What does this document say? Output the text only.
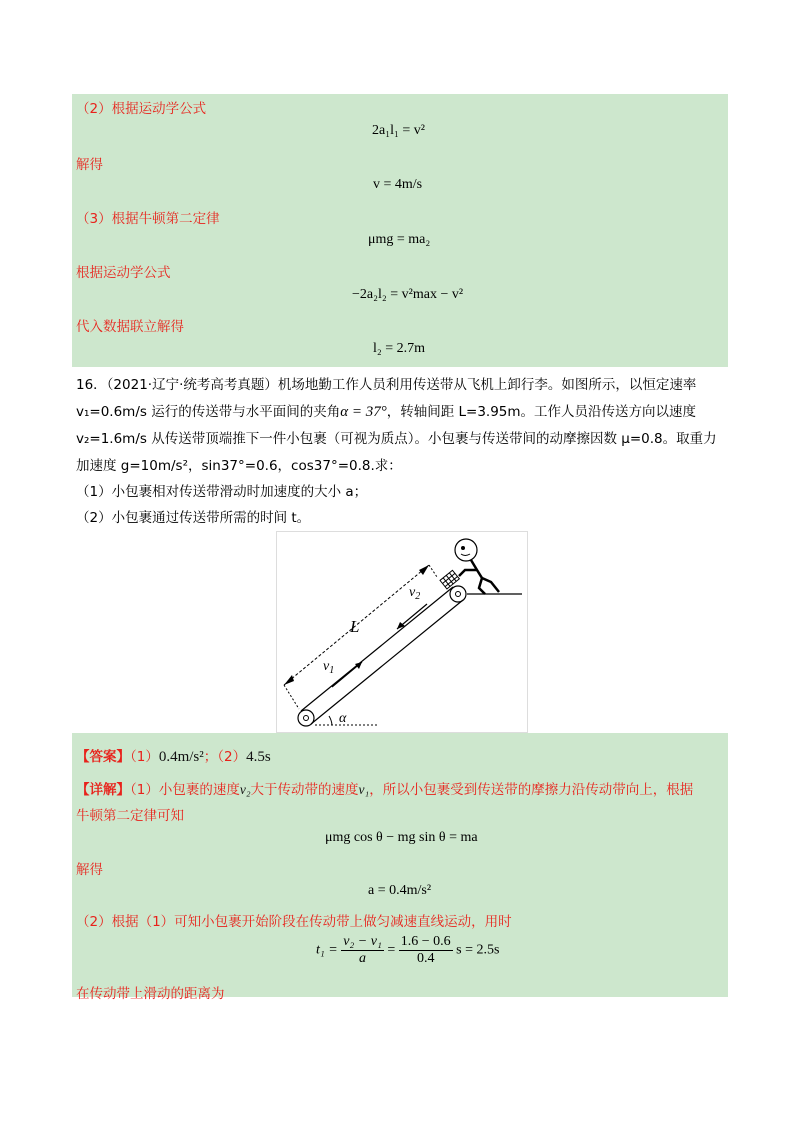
（2）根据运动学公式
2a₁l₁ = v²
解得
v = 4m/s
（3）根据牛顿第二定律
μmg = ma₂
根据运动学公式
−2a₂l₂ = v²max − v²
代入数据联立解得
l₂ = 2.7m
16．（2021·辽宁·统考高考真题）机场地勤工作人员利用传送带从飞机上卸行李。如图所示，以恒定速率
v₁=0.6m/s 运行的传送带与水平面间的夹角α = 37°，转轴间距 L=3.95m。工作人员沿传送方向以速度
v₂=1.6m/s 从传送带顶端推下一件小包裹（可视为质点）。小包裹与传送带间的动摩擦因数 μ=0.8。取重力
加速度 g=10m/s²，sin37°=0.6，cos37°=0.8.求：
（1）小包裹相对传送带滑动时加速度的大小 a；
（2）小包裹通过传送带所需的时间 t。
α
L
$v_1$
$v_2$
【答案】（1）0.4m/s²；（2）4.5s
【详解】（1）小包裹的速度v₂大于传动带的速度v₁，所以小包裹受到传送带的摩擦力沿传动带向上，根据
牛顿第二定律可知
μmg cos θ − mg sin θ = ma
解得
a = 0.4m/s²
（2）根据（1）可知小包裹开始阶段在传动带上做匀减速直线运动，用时
$t_1 = \frac{\text{v₂ − v₁}}{a} = \frac{1.6 - 0.6}{0.4}$ s = 2.5s
在传动带上滑动的距离为
